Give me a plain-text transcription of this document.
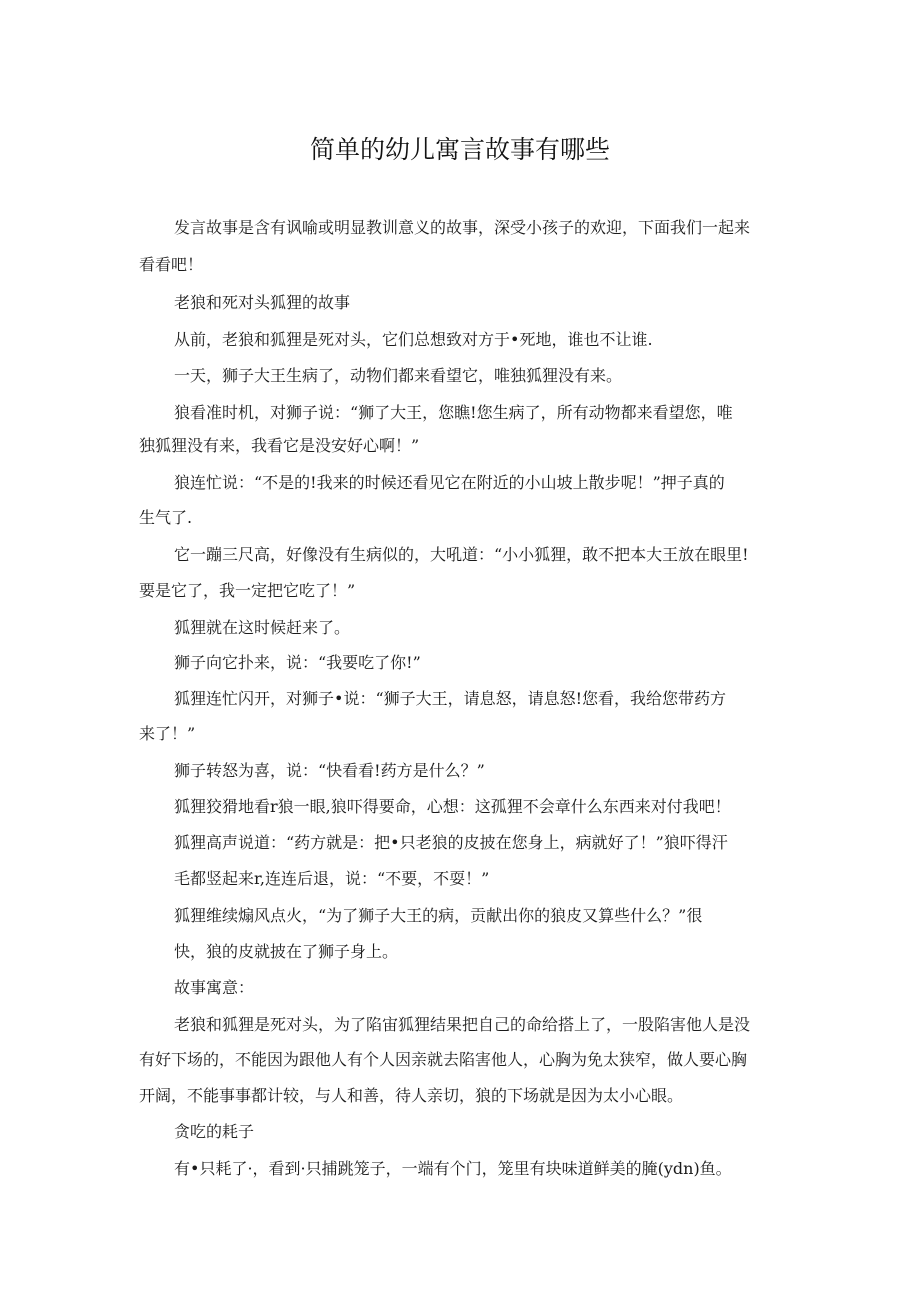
简单的幼儿寓言故事有哪些
发言故事是含有讽喻或明显教训意义的故事，深受小孩子的欢迎，下面我们一起来
看看吧！
老狼和死对头狐狸的故事
从前，老狼和狐狸是死对头，它们总想致对方于•死地，谁也不让谁.
一天，狮子大王生病了，动物们都来看望它，唯独狐狸没有来。
狼看准时机，对狮子说：“狮了大王，您瞧!您生病了，所有动物都来看望您，唯
独狐狸没有来，我看它是没安好心啊！”
狼连忙说：“不是的!我来的时候还看见它在附近的小山坡上散步呢！”押子真的
生气了.
它一蹦三尺高，好像没有生病似的，大吼道：“小小狐狸，敢不把本大王放在眼里!
要是它了，我一定把它吃了！”
狐狸就在这时候赶来了。
狮子向它扑来，说：“我要吃了你!”
狐狸连忙闪开，对狮子•说：“狮子大王，请息怒，请息怒!您看，我给您带药方
来了！”
狮子转怒为喜，说：“快看看!药方是什么？”
狐狸狡猾地看r狼一眼,狼吓得要命，心想：这孤狸不会章什么东西来对付我吧！
狐狸高声说道：“药方就是：把•只老狼的皮披在您身上，病就好了！”狼吓得汗
毛都竖起来r,连连后退，说：“不要，不耍！”
狐狸维续煽风点火，“为了狮子大王的病，贡献出你的狼皮又算些什么？”很
快，狼的皮就披在了狮子身上。
故事寓意：
老狼和狐狸是死对头，为了陷宙狐狸结果把自己的命给搭上了，一股陷害他人是没
有好下场的，不能因为跟他人有个人因亲就去陷害他人，心胸为免太狭窄，做人要心胸
开阔，不能事事都计较，与人和善，待人亲切，狼的下场就是因为太小心眼。
贪吃的耗子
有•只耗了·，看到·只捕跳笼子，一端有个门，笼里有块味道鲜美的腌(ydn)鱼。
